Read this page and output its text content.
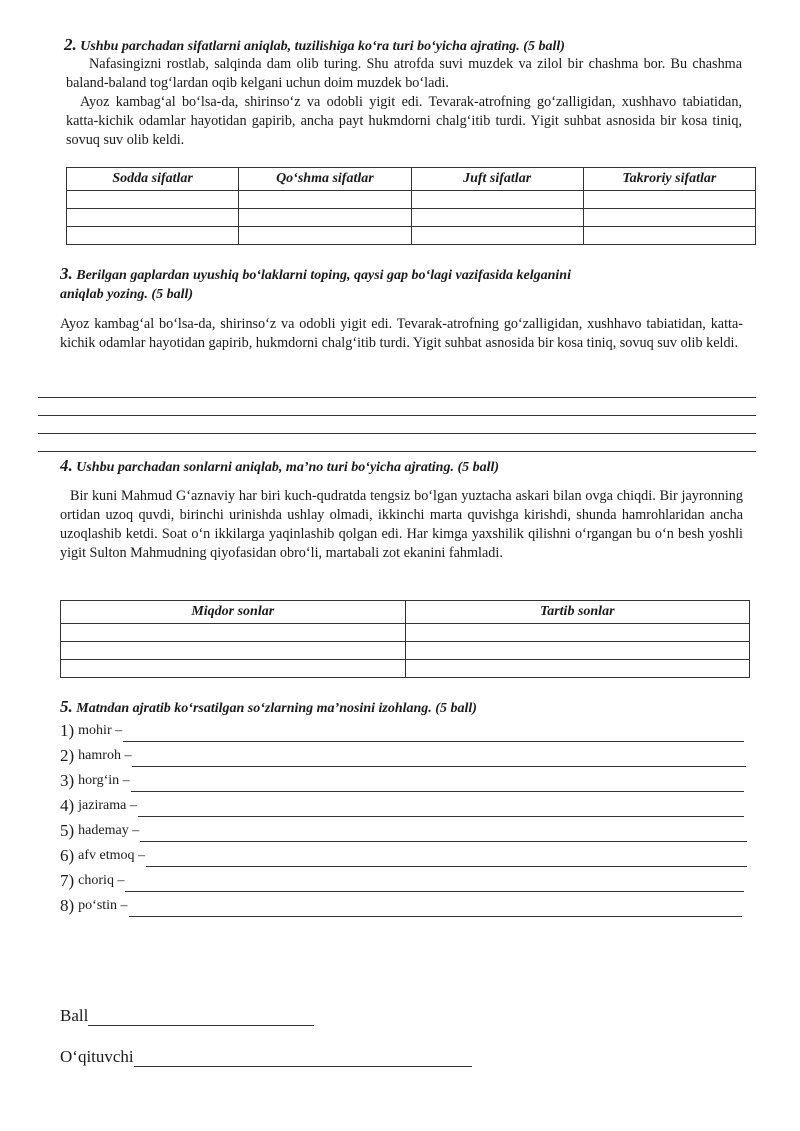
2. Ushbu parchadan sifatlarni aniqlab, tuzilishiga ko‘ra turi bo‘yicha ajrating. (5 ball)
Nafasingizni rostlab, salqinda dam olib turing. Shu atrofda suvi muzdek va zilol bir chashma bor. Bu chashma baland-baland tog‘lardan oqib kelgani uchun doim muzdek bo‘ladi.
Ayoz kambag‘al bo‘lsa-da, shirinso‘z va odobli yigit edi. Tevarak-atrofning go‘zalligidan, xushhavo tabiatidan, katta-kichik odamlar hayotidan gapirib, ancha payt hukmdorni chalg‘itib turdi. Yigit suhbat asnosida bir kosa tiniq, sovuq suv olib keldi.
Sodda sifatlar	Qo‘shma sifatlar	Juft sifatlar	Takroriy sifatlar

3. Berilgan gaplardan uyushiq bo‘laklarni toping, qaysi gap bo‘lagi vazifasida kelganini
aniqlab yozing. (5 ball)
Ayoz kambag‘al bo‘lsa-da, shirinso‘z va odobli yigit edi. Tevarak-atrofning go‘zalligidan, xushhavo tabiatidan, katta-kichik odamlar hayotidan gapirib, hukmdorni chalg‘itib turdi. Yigit suhbat asnosida bir kosa tiniq, sovuq suv olib keldi.
4. Ushbu parchadan sonlarni aniqlab, ma’no turi bo‘yicha ajrating. (5 ball)
Bir kuni Mahmud G‘aznaviy har biri kuch-qudratda tengsiz bo‘lgan yuztacha askari bilan ovga chiqdi. Bir jayronning ortidan uzoq quvdi, birinchi urinishda ushlay olmadi, ikkinchi marta quvishga kirishdi, shunda hamrohlaridan ancha uzoqlashib ketdi. Soat o‘n ikkilarga yaqinlashib qolgan edi. Har kimga yaxshilik qilishni o‘rgangan bu o‘n besh yoshli yigit Sulton Mahmudning qiyofasidan obro‘li, martabali zot ekanini fahmladi.
Miqdor sonlar	Tartib sonlar

5. Matndan ajratib ko‘rsatilgan so‘zlarning ma’nosini izohlang. (5 ball)
1) mohir –
2) hamroh –
3) horg‘in –
4) jazirama –
5) hademay –
6) afv etmoq –
7) choriq –
8) po‘stin –
Ball
O‘qituvchi
